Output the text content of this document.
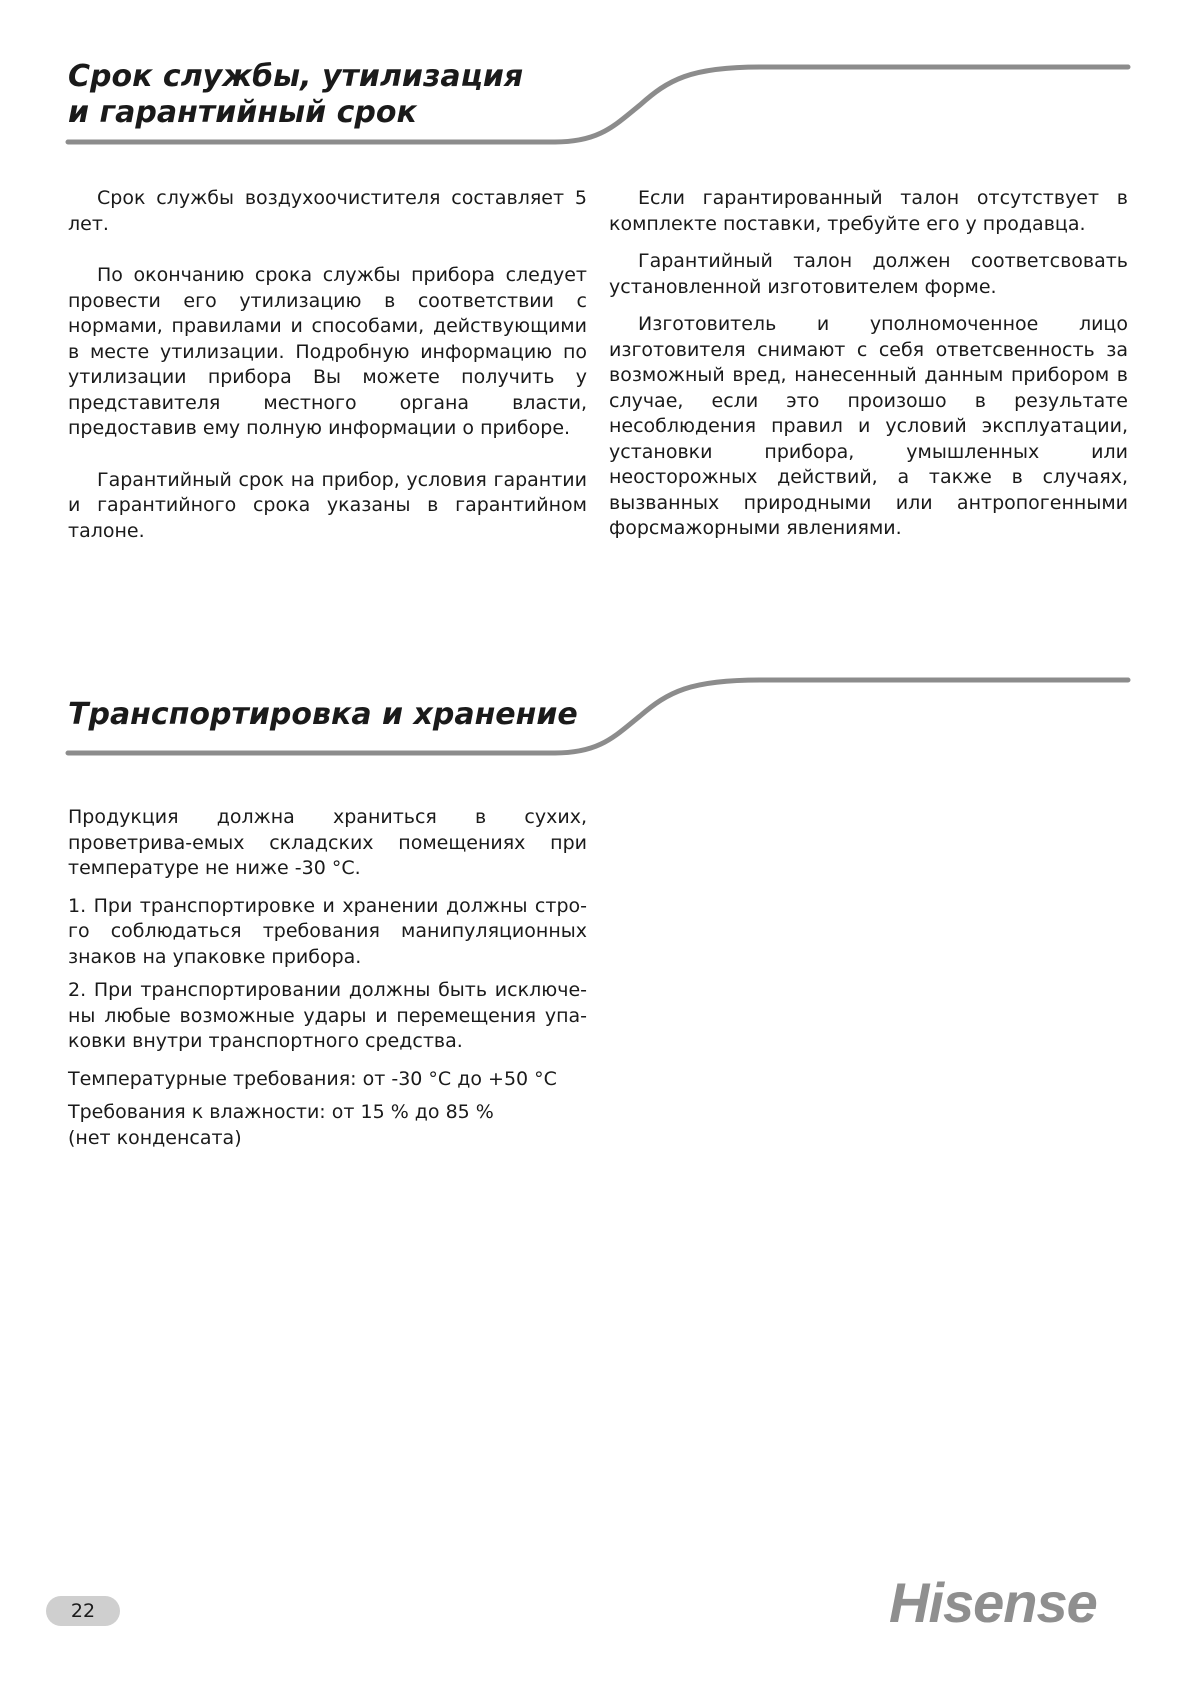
Срок службы, утилизация
и гарантийный срок

Срок службы воздухоочистителя составляет 5 лет.

По окончанию срока службы прибора следует провести его утилизацию в соответствии с нормами, правилами и способами, действующими в месте утилизации. Подробную информацию по утилизации прибора Вы можете получить у представителя местного органа власти, предоставив ему полную информации о приборе.

Гарантийный срок на прибор, условия гарантии и гарантийного срока указаны в гарантийном талоне.

Если гарантированный талон отсутствует в комплекте поставки, требуйте его у продавца.

Гарантийный талон должен соответсвовать установленной изготовителем форме.

Изготовитель и уполномоченное лицо изготовителя снимают с себя ответсвенность за возможный вред, нанесенный данным прибором в случае, если это произошо в результате несоблюдения правил и условий эксплуатации, установки прибора, умышленных или неосторожных действий, а также в случаях, вызванных природными или антропогенными форсмажорными явлениями.

Транспортировка и хранение

Продукция должна храниться в сухих, проветрива-емых складских помещениях при температуре не ниже -30 °С.

1. При транспортировке и хранении должны стро-го соблюдаться требования манипуляционных знаков на упаковке прибора.

2. При транспортировании должны быть исключе-ны любые возможные удары и перемещения упа-ковки внутри транспортного средства.

Температурные требования: от -30 °С до +50 °С

Требования к влажности: от 15 % до 85 %

(нет конденсата)

22	Hisense
